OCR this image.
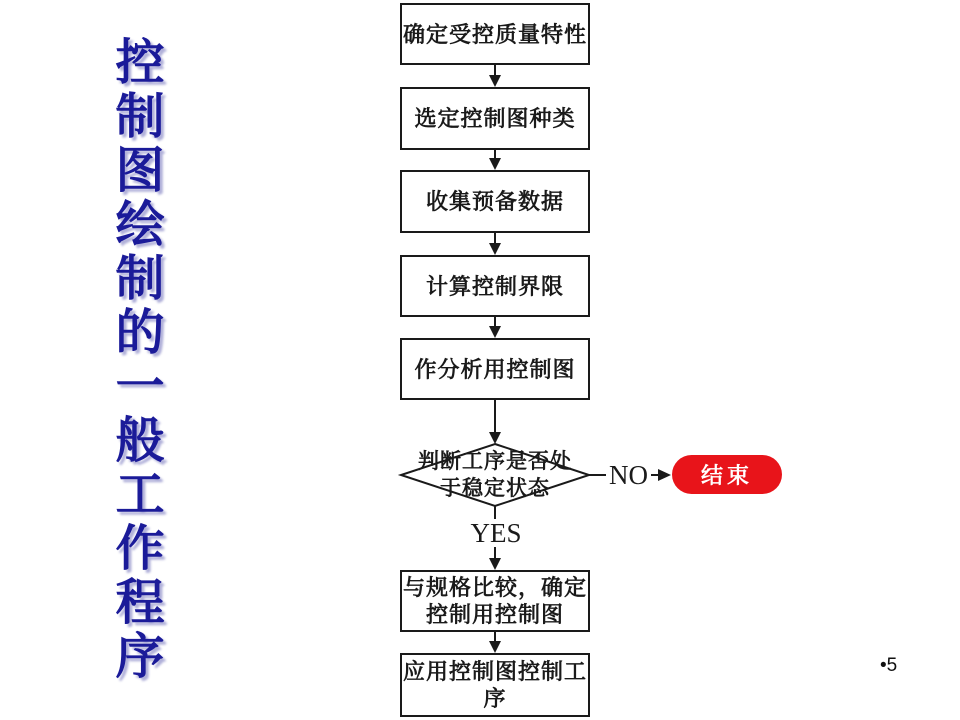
控制图绘制的一般工作程序
确定受控质量特性
选定控制图种类
收集预备数据
计算控制界限
作分析用控制图
判断工序是否处
于稳定状态	NO
YES
结束
与规格比较，确定
控制用控制图
应用控制图控制工
序
•5
